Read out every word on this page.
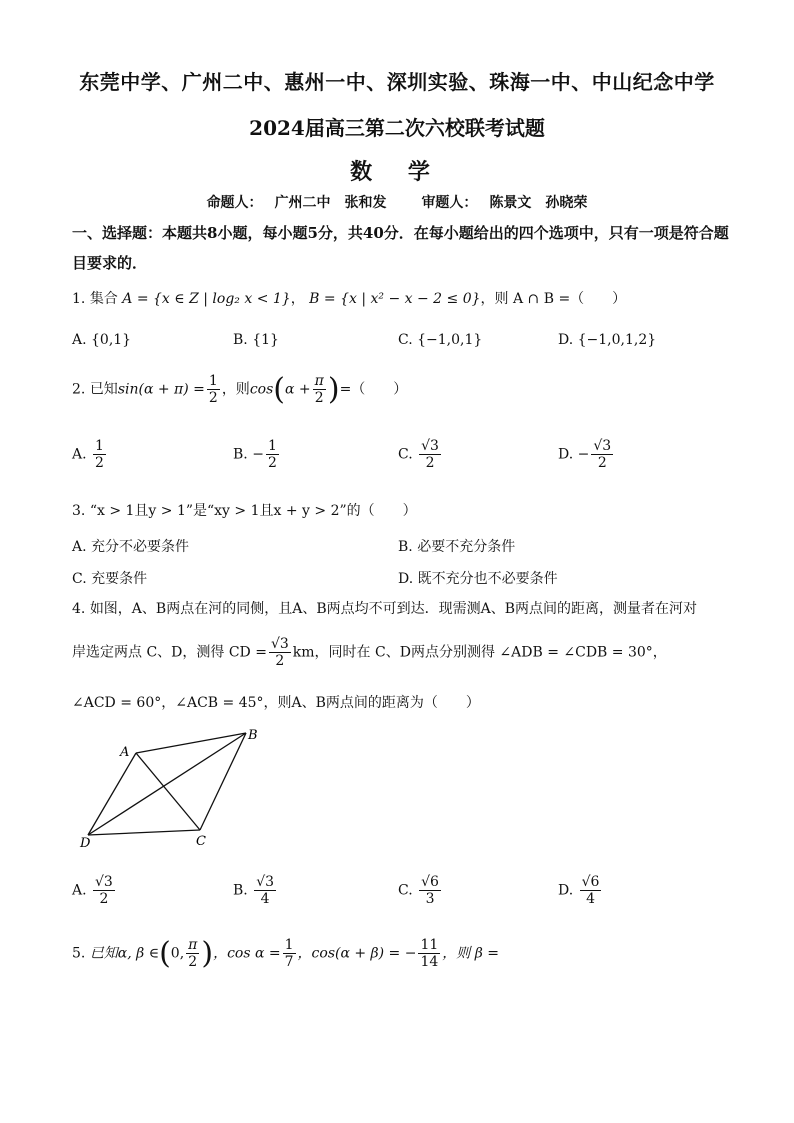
东莞中学、广州二中、惠州一中、深圳实验、珠海一中、中山纪念中学
2024届高三第二次六校联考试题
数 学
命题人： 广州二中　张和发 审题人： 陈景文　孙晓荣
一、选择题：本题共8小题，每小题5分，共40分．在每小题给出的四个选项中，只有一项是符合题目要求的．
1. 集合 A = {x ∈ Z | log₂ x < 1}， B = {x | x² − x − 2 ≤ 0}，则 A ∩ B =（　　）
A. {0,1}	B. {1}	C. {−1,0,1}	D. {−1,0,1,2}
2. 已知$\sin(\alpha + \pi) = \frac{1}{2}$ ，则$\cos(\alpha + \frac{\pi}{2}$ )=（　　）
A. $\frac{1}{2}$	B. − $\frac{1}{2}$	C. $\frac{√3}{2}$	D. − $\frac{√3}{2}$
3. “x > 1且y > 1”是“xy > 1且x + y > 2”的（　　）
A. 充分不必要条件	B. 必要不充分条件
C. 充要条件	D. 既不充分也不必要条件
4. 如图，A、B两点在河的同侧，且A、B两点均不可到达．现需测A、B两点间的距离，测量者在河对
岸选定两点 C、D，测得 CD = $\frac{√3}{2}$ km，同时在 C、D两点分别测得 ∠ADB = ∠CDB = 30°，
∠ACD = 60°，∠ACB = 45°，则A、B两点间的距离为（　　）
A
B
C
D
A. $\frac{√3}{2}$	B. $\frac{√3}{4}$	C. $\frac{√6}{3}$	D. $\frac{√6}{4}$
5. 已知α, β ∈(0, $\frac{\pi}{2}$ )，$\cos \alpha = \frac{1}{7}$ ，cos(α + β) = − $\frac{11}{14}$ ，则 β =
